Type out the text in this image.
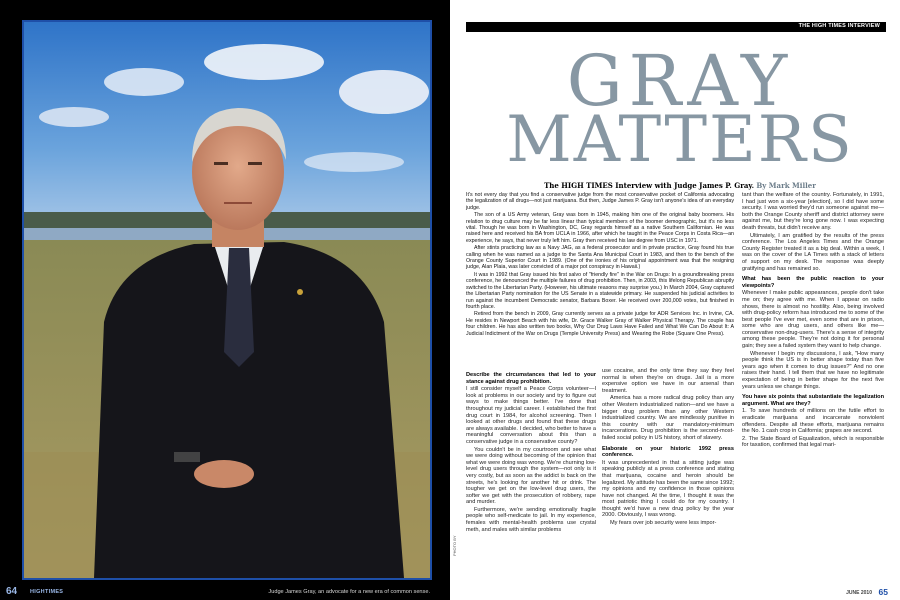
64 HIGHTIMES	Judge James Gray, an advocate for a new era of common sense.
THE HIGH TIMES INTERVIEW
GRAY
MATTERS
The HIGH TIMES Interview with Judge James P. Gray. By Mark Miller

It's not every day that you find a conservative judge from the most conservative pocket of California advocating the legalization of all drugs—not just marijuana. But then, Judge James P. Gray isn't anyone's idea of an everyday judge.

The son of a US Army veteran, Gray was born in 1945, making him one of the original baby boomers. His relation to drug culture may be far less linear than typical members of the boomer demographic, but it's no less vital. Though he was born in Washington, DC, Gray regards himself as a native Southern Californian. He was raised here and received his BA from UCLA in 1966, after which he taught in the Peace Corps in Costa Rica—an experience, he says, that never truly left him. Gray then received his law degree from USC in 1971.

After stints practicing law as a Navy JAG, as a federal prosecutor and in private practice, Gray found his true calling when he was named as a judge to the Santa Ana Municipal Court in 1983, and then to the bench of the Orange County Superior Court in 1989. (One of the ironies of his original appointment was that the resigning judge, Alan Plaia, was later convicted of a major pot conspiracy in Hawaii.)

It was in 1992 that Gray issued his first salvo of "friendly fire" in the War on Drugs: In a groundbreaking press conference, he denounced the multiple failures of drug prohibition. Then, in 2003, this lifelong Republican abruptly switched to the Libertarian Party. (However, his ultimate reasons may surprise you.) In March 2004, Gray captured the Libertarian Party nomination for the US Senate in a statewide primary. He suspended his judicial activities to run against the incumbent Democratic senator, Barbara Boxer. He received over 200,000 votes, but finished in fourth place.

Retired from the bench in 2009, Gray currently serves as a private judge for ADR Services Inc. in Irvine, CA. He resides in Newport Beach with his wife, Dr. Grace Walker Gray of Walker Physical Therapy. The couple has four children. He has also written two books, Why Our Drug Laws Have Failed and What We Can Do About It: A Judicial Indictment of the War on Drugs (Temple University Press) and Wearing the Robe (Square One Press).

Describe the circumstances that led to your stance against drug prohibition.

I still consider myself a Peace Corps volunteer—I look at problems in our society and try to figure out ways to make things better. I've done that throughout my judicial career. I established the first drug court in 1984, for alcohol screening. Then I looked at other drugs and found that these drugs are always available. I decided, who better to have a meaningful conversation about this than a conservative judge in a conservative county?

You couldn't be in my courtroom and see what we were doing without becoming of the opinion that what we were doing was wrong. We're churning low-level drug users through the system—not only is it very costly, but as soon as the addict is back on the streets, he's looking for another hit or drink. The tougher we get on the low-level drug users, the softer we get with the prosecution of robbery, rape and murder.

Furthermore, we're sending emotionally fragile people who self-medicate to jail. In my experience, females with mental-health problems use crystal meth, and males with similar problems

use cocaine, and the only time they say they feel normal is when they're on drugs. Jail is a more expensive option we have in our arsenal than treatment.

America has a more radical drug policy than any other Western industrialized nation—and we have a bigger drug problem than any other Western industrialized country. We are mindlessly punitive in this country with our mandatory-minimum incarcerations. Drug prohibition is the second-most-failed social policy in US history, short of slavery.

Elaborate on your historic 1992 press conference.

It was unprecedented in that a sitting judge was speaking publicly at a press conference and stating that marijuana, cocaine and heroin should be legalized. My attitude has been the same since 1992; my opinions and my confidence in those opinions have not changed. At the time, I thought it was the most patriotic thing I could do for my country. I thought we'd have a new drug policy by the year 2000. Obviously, I was wrong.

My fears over job security were less impor-

tant than the welfare of the country. Fortunately, in 1991, I had just won a six-year [election], so I did have some security. I was worried they'd run someone against me—both the Orange County sheriff and district attorney were against me, but they're long gone now. I was expecting death threats, but didn't receive any.

Ultimately, I am gratified by the results of the press conference. The Los Angeles Times and the Orange County Register treated it as a big deal. Within a week, I was on the cover of the LA Times with a stack of letters of support on my desk. The response was deeply gratifying and has remained so.

What has been the public reaction to your viewpoints?

Whenever I make public appearances, people don't take me on; they agree with me. When I appear on radio shows, there is almost no hostility. Also, being involved with drug-policy reform has introduced me to some of the best people I've ever met, even some that are in prison, some who are drug users, and others like me—conservative non-drug-users. There's a sense of integrity among these people. They're not doing it for personal gain; they see a failed system they want to help change.

Whenever I begin my discussions, I ask, "How many people think the US is in better shape today than five years ago when it comes to drug issues?" And no one raises their hand. I tell them that we have no legitimate expectation of being in better shape for the next five years unless we change things.

You have six points that substantiate the legalization argument. What are they?

1. To save hundreds of millions on the futile effort to eradicate marijuana and incarcerate nonviolent offenders. Despite all these efforts, marijuana remains the No. 1 cash crop in California; grapes are second.

2. The State Board of Equalization, which is responsible for taxation, confirmed that legal mari-

JUNE 2010 65
PHOTO BY
